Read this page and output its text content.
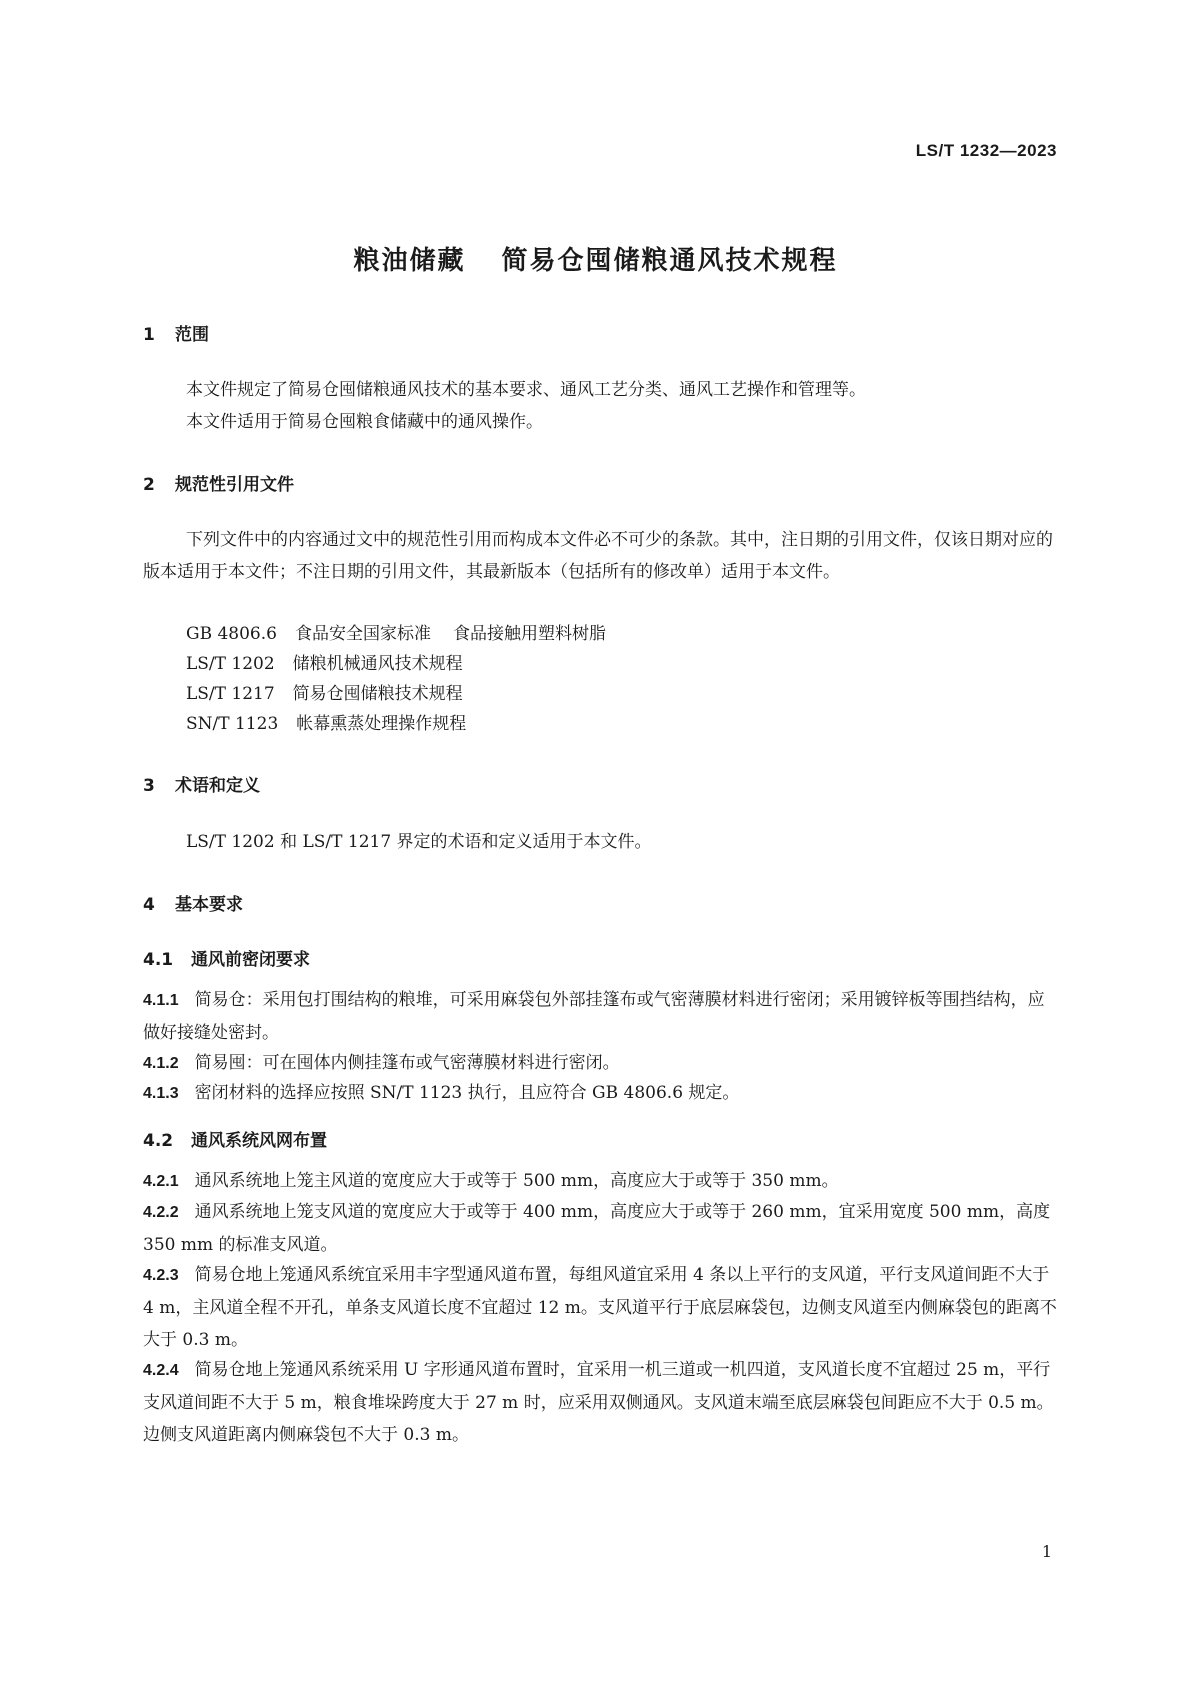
LS/T 1232—2023
粮油储藏 简易仓囤储粮通风技术规程
1 范围

本文件规定了简易仓囤储粮通风技术的基本要求、通风工艺分类、通风工艺操作和管理等。

本文件适用于简易仓囤粮食储藏中的通风操作。

2 规范性引用文件

下列文件中的内容通过文中的规范性引用而构成本文件必不可少的条款。其中，注日期的引用文件，仅该日期对应的版本适用于本文件；不注日期的引用文件，其最新版本（包括所有的修改单）适用于本文件。

GB 4806.6 食品安全国家标准 食品接触用塑料树脂
LS/T 1202 储粮机械通风技术规程
LS/T 1217 简易仓囤储粮技术规程
SN/T 1123 帐幕熏蒸处理操作规程
3 术语和定义

LS/T 1202 和 LS/T 1217 界定的术语和定义适用于本文件。

4 基本要求
4.1 通风前密闭要求

4.1.1 简易仓：采用包打围结构的粮堆，可采用麻袋包外部挂篷布或气密薄膜材料进行密闭；采用镀锌板等围挡结构，应做好接缝处密封。

4.1.2 简易囤：可在囤体内侧挂篷布或气密薄膜材料进行密闭。

4.1.3 密闭材料的选择应按照 SN/T 1123 执行，且应符合 GB 4806.6 规定。

4.2 通风系统风网布置

4.2.1 通风系统地上笼主风道的宽度应大于或等于 500 mm，高度应大于或等于 350 mm。

4.2.2 通风系统地上笼支风道的宽度应大于或等于 400 mm，高度应大于或等于 260 mm，宜采用宽度 500 mm，高度 350 mm 的标准支风道。

4.2.3 简易仓地上笼通风系统宜采用丰字型通风道布置，每组风道宜采用 4 条以上平行的支风道，平行支风道间距不大于 4 m，主风道全程不开孔，单条支风道长度不宜超过 12 m。支风道平行于底层麻袋包，边侧支风道至内侧麻袋包的距离不大于 0.3 m。

4.2.4 简易仓地上笼通风系统采用 U 字形通风道布置时，宜采用一机三道或一机四道，支风道长度不宜超过 25 m，平行支风道间距不大于 5 m，粮食堆垛跨度大于 27 m 时，应采用双侧通风。支风道末端至底层麻袋包间距应不大于 0.5 m。边侧支风道距离内侧麻袋包不大于 0.3 m。

1
